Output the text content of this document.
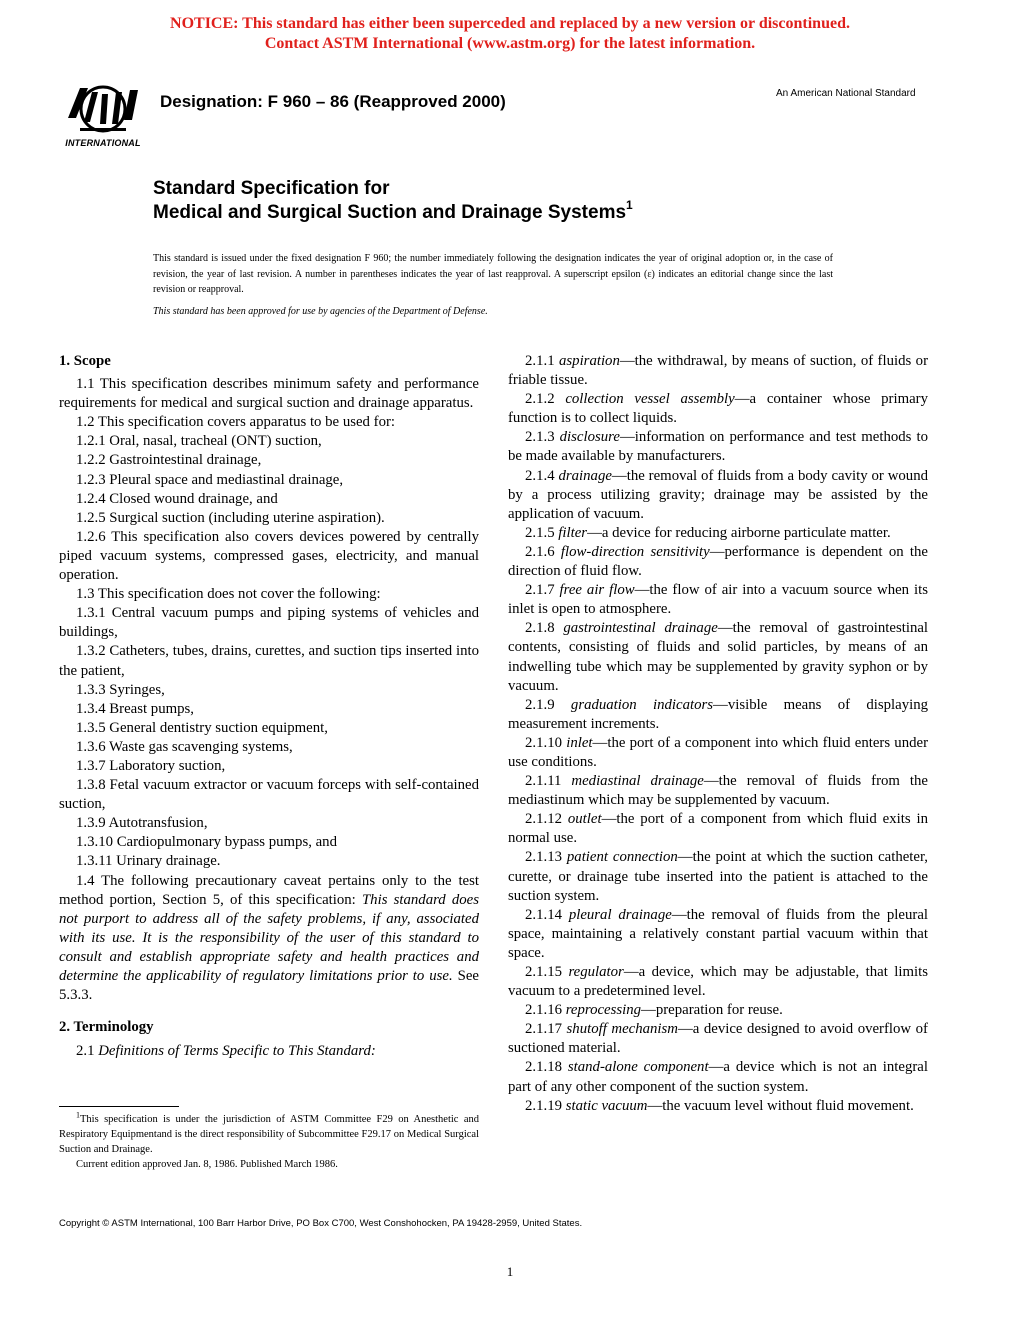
NOTICE: This standard has either been superceded and replaced by a new version or discontinued.
Contact ASTM International (www.astm.org) for the latest information.
INTERNATIONAL
Designation: F 960 – 86 (Reapproved 2000)	An American National Standard
Standard Specification for
Medical and Surgical Suction and Drainage Systems$^1$
This standard is issued under the fixed designation F 960; the number immediately following the designation indicates the year of original adoption or, in the case of revision, the year of last revision. A number in parentheses indicates the year of last reapproval. A superscript epsilon (ε) indicates an editorial change since the last revision or reapproval.
This standard has been approved for use by agencies of the Department of Defense.

1. Scope

1.1 This specification describes minimum safety and performance requirements for medical and surgical suction and drainage apparatus.

1.2 This specification covers apparatus to be used for:

1.2.1 Oral, nasal, tracheal (ONT) suction,

1.2.2 Gastrointestinal drainage,

1.2.3 Pleural space and mediastinal drainage,

1.2.4 Closed wound drainage, and

1.2.5 Surgical suction (including uterine aspiration).

1.2.6 This specification also covers devices powered by centrally piped vacuum systems, compressed gases, electricity, and manual operation.

1.3 This specification does not cover the following:

1.3.1 Central vacuum pumps and piping systems of vehicles and buildings,

1.3.2 Catheters, tubes, drains, curettes, and suction tips inserted into the patient,

1.3.3 Syringes,

1.3.4 Breast pumps,

1.3.5 General dentistry suction equipment,

1.3.6 Waste gas scavenging systems,

1.3.7 Laboratory suction,

1.3.8 Fetal vacuum extractor or vacuum forceps with self-contained suction,

1.3.9 Autotransfusion,

1.3.10 Cardiopulmonary bypass pumps, and

1.3.11 Urinary drainage.

1.4 The following precautionary caveat pertains only to the test method portion, Section 5, of this specification: This standard does not purport to address all of the safety problems, if any, associated with its use. It is the responsibility of the user of this standard to consult and establish appropriate safety and health practices and determine the applicability of regulatory limitations prior to use. See 5.3.3.

2. Terminology

2.1 Definitions of Terms Specific to This Standard:

2.1.1 aspiration—the withdrawal, by means of suction, of fluids or friable tissue.

2.1.2 collection vessel assembly—a container whose primary function is to collect liquids.

2.1.3 disclosure—information on performance and test methods to be made available by manufacturers.

2.1.4 drainage—the removal of fluids from a body cavity or wound by a process utilizing gravity; drainage may be assisted by the application of vacuum.

2.1.5 filter—a device for reducing airborne particulate matter.

2.1.6 flow-direction sensitivity—performance is dependent on the direction of fluid flow.

2.1.7 free air flow—the flow of air into a vacuum source when its inlet is open to atmosphere.

2.1.8 gastrointestinal drainage—the removal of gastrointestinal contents, consisting of fluids and solid particles, by means of an indwelling tube which may be supplemented by gravity syphon or by vacuum.

2.1.9 graduation indicators—visible means of displaying measurement increments.

2.1.10 inlet—the port of a component into which fluid enters under use conditions.

2.1.11 mediastinal drainage—the removal of fluids from the mediastinum which may be supplemented by vacuum.

2.1.12 outlet—the port of a component from which fluid exits in normal use.

2.1.13 patient connection—the point at which the suction catheter, curette, or drainage tube inserted into the patient is attached to the suction system.

2.1.14 pleural drainage—the removal of fluids from the pleural space, maintaining a relatively constant partial vacuum within that space.

2.1.15 regulator—a device, which may be adjustable, that limits vacuum to a predetermined level.

2.1.16 reprocessing—preparation for reuse.

2.1.17 shutoff mechanism—a device designed to avoid overflow of suctioned material.

2.1.18 stand-alone component—a device which is not an integral part of any other component of the suction system.

2.1.19 static vacuum—the vacuum level without fluid movement.

$^1$This specification is under the jurisdiction of ASTM Committee F29 on Anesthetic and Respiratory Equipmentand is the direct responsibility of Subcommittee F29.17 on Medical Surgical Suction and Drainage.

Current edition approved Jan. 8, 1986. Published March 1986.

Copyright © ASTM International, 100 Barr Harbor Drive, PO Box C700, West Conshohocken, PA 19428-2959, United States.
1
